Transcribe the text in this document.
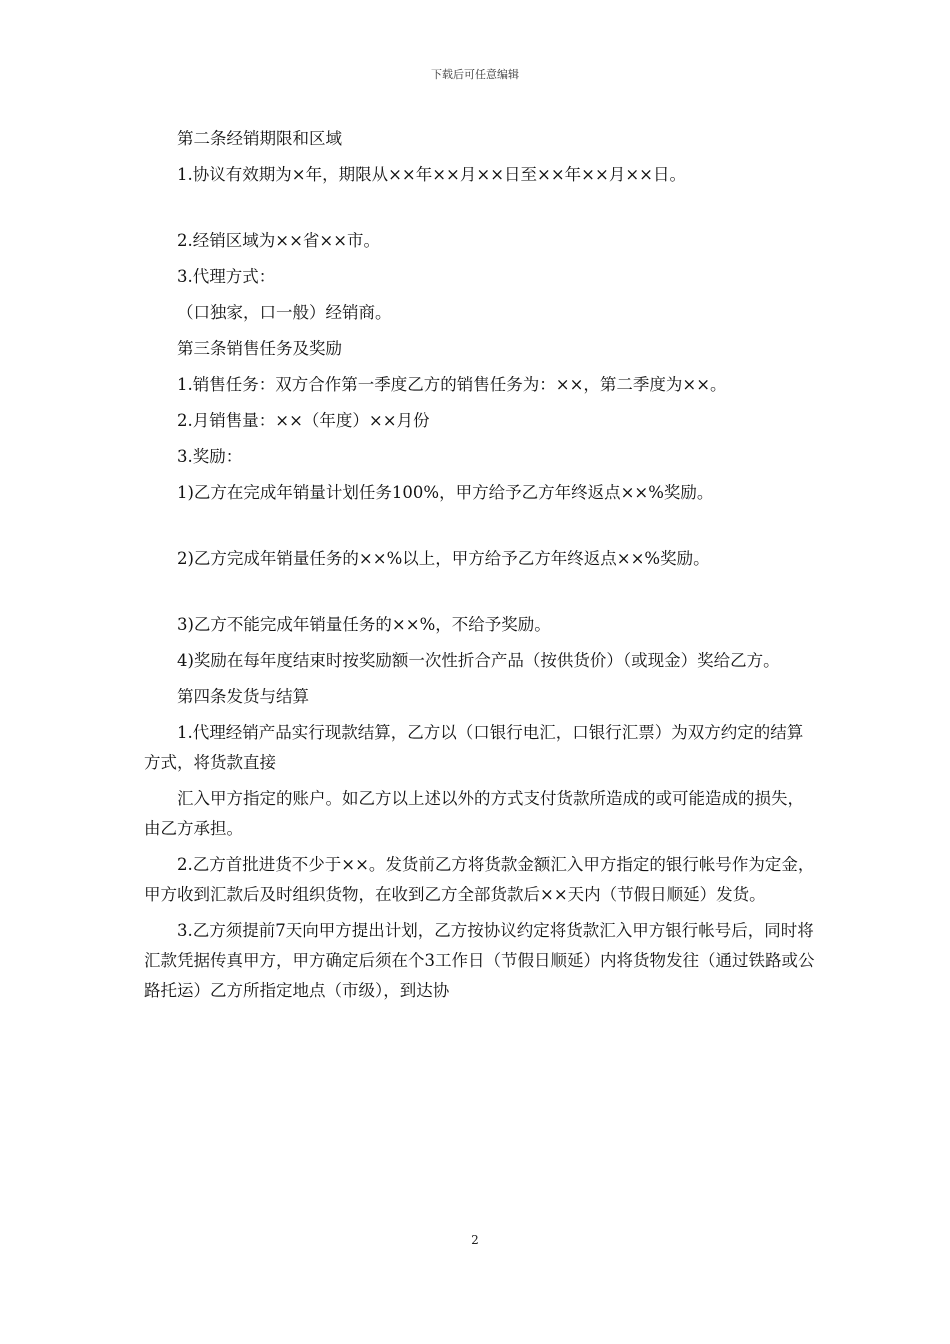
下载后可任意编辑

第二条经销期限和区域

1.协议有效期为×年，期限从××年××月××日至××年××月××日。

2.经销区域为××省××市。

3.代理方式：

（口独家，口一般）经销商。

第三条销售任务及奖励

1.销售任务：双方合作第一季度乙方的销售任务为：××，第二季度为××。

2.月销售量：××（年度）××月份

3.奖励：

1)乙方在完成年销量计划任务100%，甲方给予乙方年终返点××%奖励。

2)乙方完成年销量任务的××%以上，甲方给予乙方年终返点××%奖励。

3)乙方不能完成年销量任务的××%，不给予奖励。

4)奖励在每年度结束时按奖励额一次性折合产品（按供货价）（或现金）奖给乙方。

第四条发货与结算

1.代理经销产品实行现款结算，乙方以（口银行电汇，口银行汇票）为双方约定的结算方式，将货款直接

汇入甲方指定的账户。如乙方以上述以外的方式支付货款所造成的或可能造成的损失，由乙方承担。

2.乙方首批进货不少于××。发货前乙方将货款金额汇入甲方指定的银行帐号作为定金，甲方收到汇款后及时组织货物，在收到乙方全部货款后××天内（节假日顺延）发货。

3.乙方须提前7天向甲方提出计划，乙方按协议约定将货款汇入甲方银行帐号后，同时将汇款凭据传真甲方，甲方确定后须在个3工作日（节假日顺延）内将货物发往（通过铁路或公路托运）乙方所指定地点（市级），到达协

2
